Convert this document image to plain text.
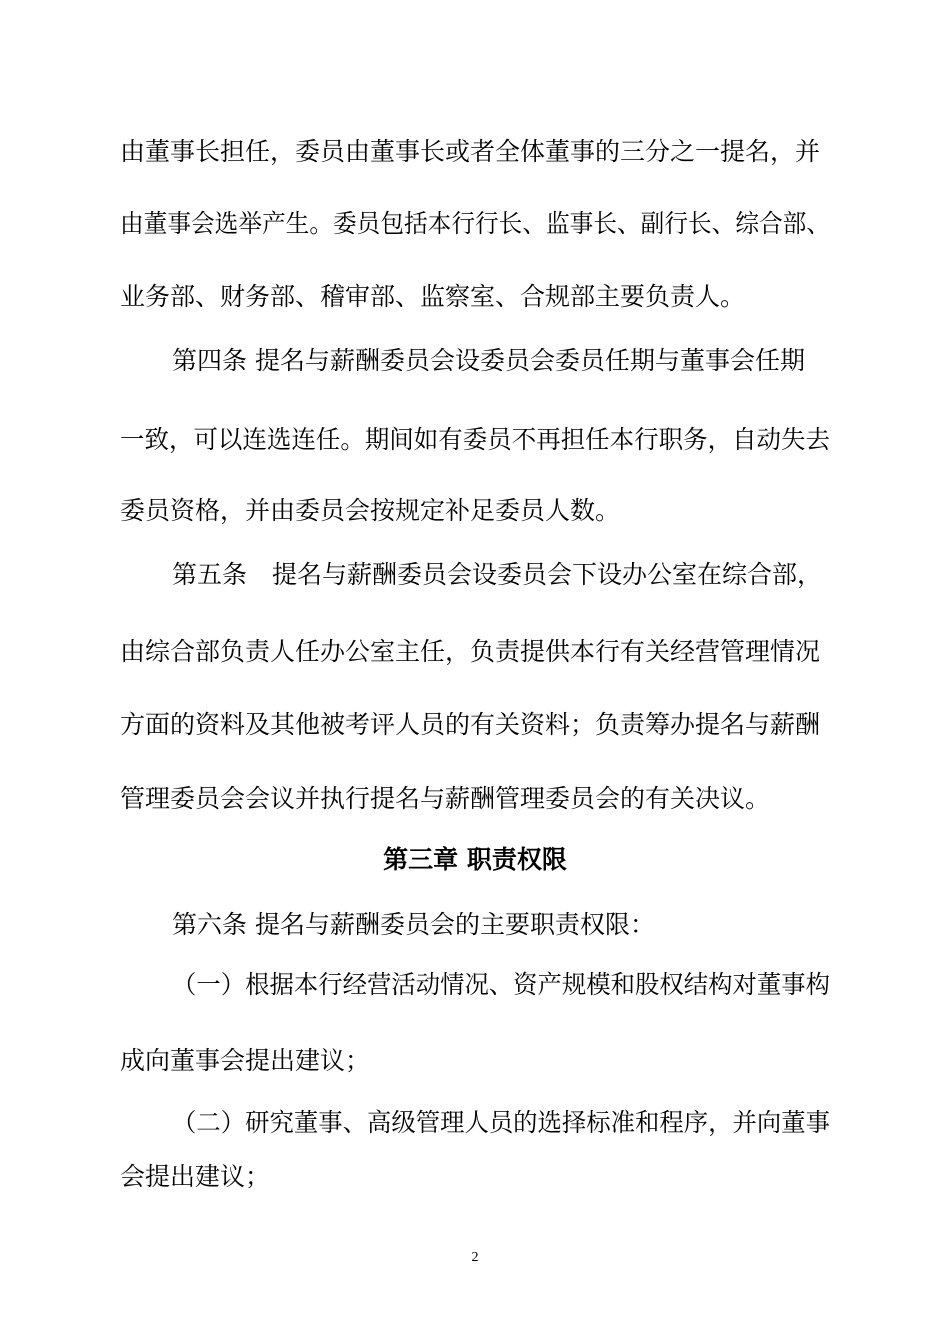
由董事长担任，委员由董事长或者全体董事的三分之一提名，并
由董事会选举产生。委员包括本行行长、监事长、副行长、综合部、
业务部、财务部、稽审部、监察室、合规部主要负责人。
第四条 提名与薪酬委员会设委员会委员任期与董事会任期
一致，可以连选连任。期间如有委员不再担任本行职务，自动失去
委员资格，并由委员会按规定补足委员人数。
第五条　提名与薪酬委员会设委员会下设办公室在综合部，
由综合部负责人任办公室主任，负责提供本行有关经营管理情况
方面的资料及其他被考评人员的有关资料；负责筹办提名与薪酬
管理委员会会议并执行提名与薪酬管理委员会的有关决议。
第三章 职责权限
第六条 提名与薪酬委员会的主要职责权限：
（一）根据本行经营活动情况、资产规模和股权结构对董事构
成向董事会提出建议；
（二）研究董事、高级管理人员的选择标准和程序，并向董事
会提出建议；
2
